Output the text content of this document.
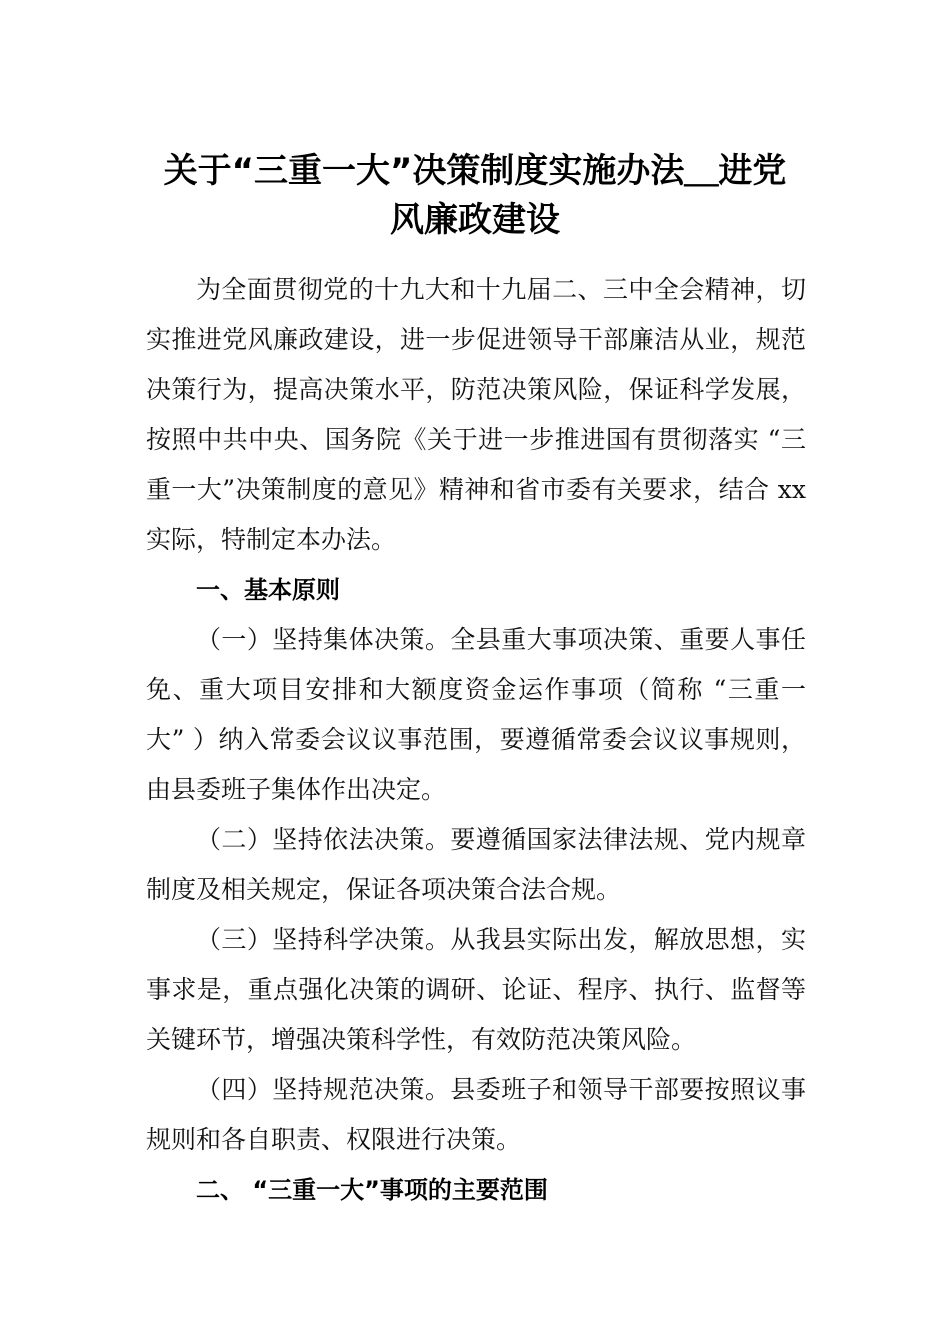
关于“三重一大”决策制度实施办法＿进党
风廉政建设
为全面贯彻党的十九大和十九届二、三中全会精神，切
实推进党风廉政建设，进一步促进领导干部廉洁从业，规范
决策行为，提高决策水平，防范决策风险，保证科学发展，
按照中共中央、国务院《关于进一步推进国有贯彻落实 “三
重一大”决策制度的意见》精神和省市委有关要求，结合 xx
实际，特制定本办法。
一、基本原则
（一）坚持集体决策。全县重大事项决策、重要人事任
免、重大项目安排和大额度资金运作事项（简称 “三重一
大” ）纳入常委会议议事范围，要遵循常委会议议事规则，
由县委班子集体作出决定。
（二）坚持依法决策。要遵循国家法律法规、党内规章
制度及相关规定，保证各项决策合法合规。
（三）坚持科学决策。从我县实际出发，解放思想，实
事求是，重点强化决策的调研、论证、程序、执行、监督等
关键环节，增强决策科学性，有效防范决策风险。
（四）坚持规范决策。县委班子和领导干部要按照议事
规则和各自职责、权限进行决策。
二、 “三重一大”事项的主要范围
